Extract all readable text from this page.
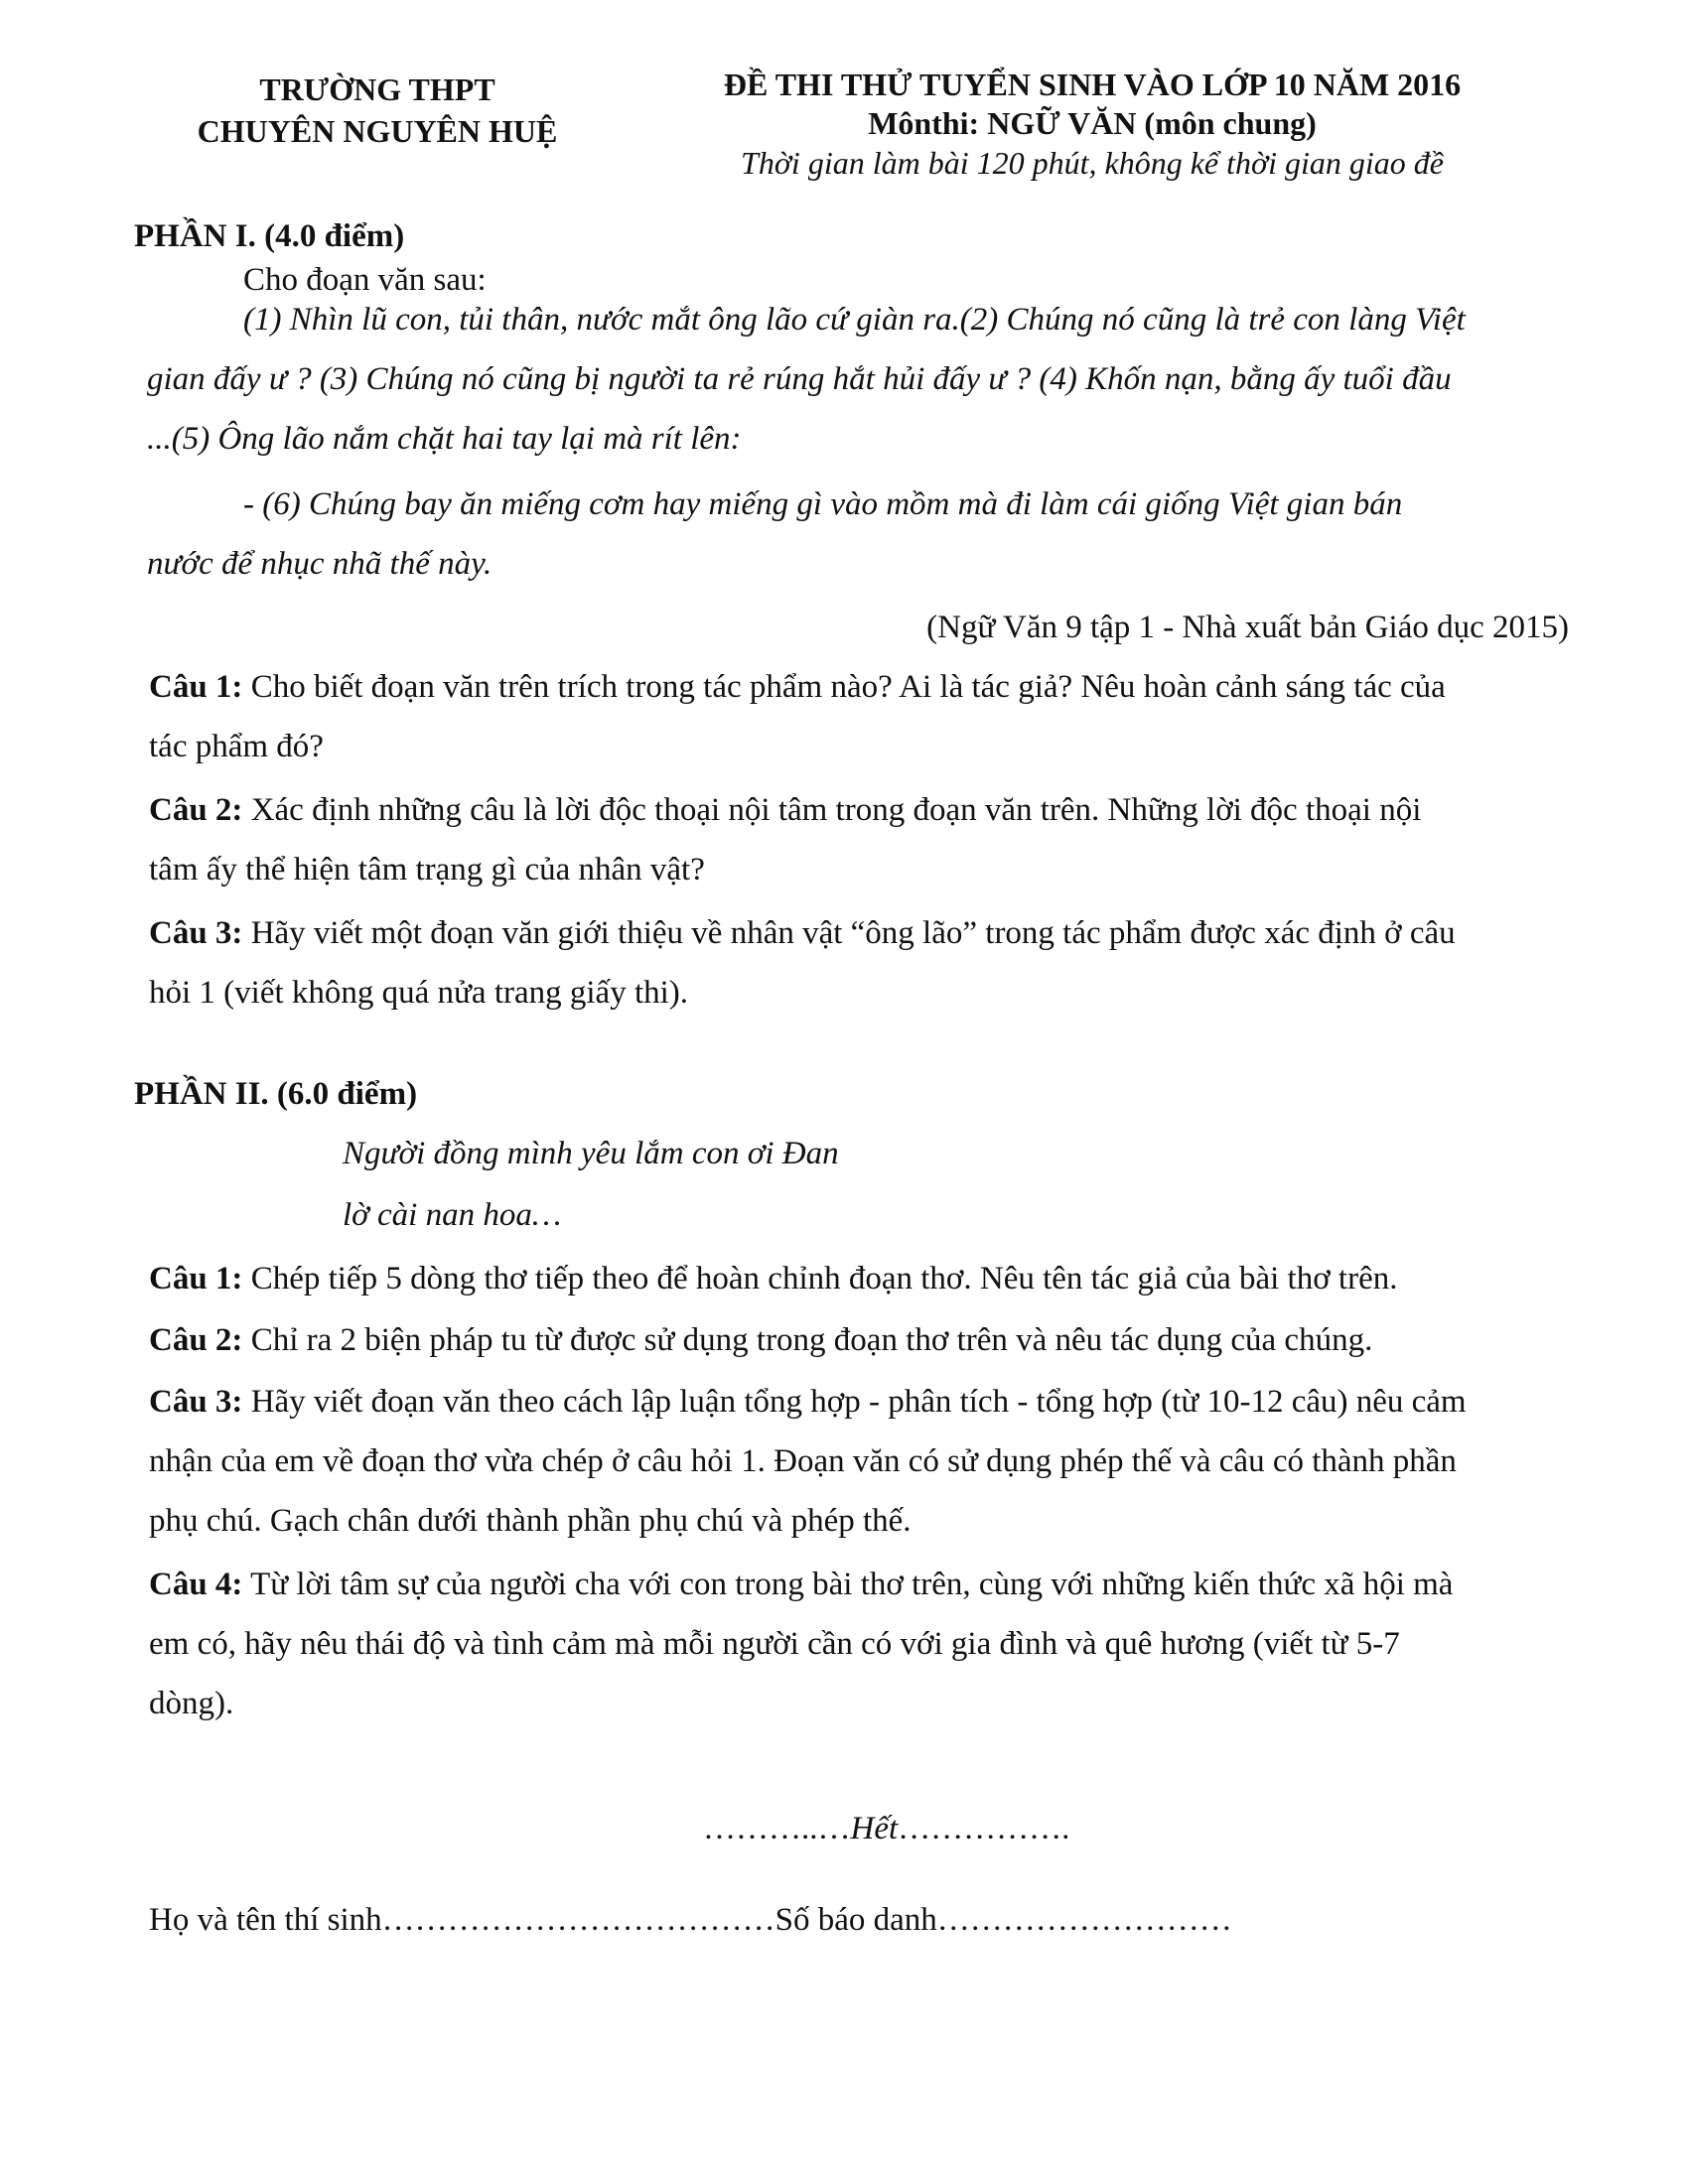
TRƯỜNG THPT
CHUYÊN NGUYÊN HUỆ
ĐỀ THI THỬ TUYỂN SINH VÀO LỚP 10 NĂM 2016
Mônthi: NGỮ VĂN (môn chung)
Thời gian làm bài 120 phút, không kể thời gian giao đề
PHẦN I. (4.0 điểm)
Cho đoạn văn sau:
(1) Nhìn lũ con, tủi thân, nước mắt ông lão cứ giàn ra.(2) Chúng nó cũng là trẻ con làng Việt
gian đấy ư ? (3) Chúng nó cũng bị người ta rẻ rúng hắt hủi đấy ư ? (4) Khốn nạn, bằng ấy tuổi đầu
...(5) Ông lão nắm chặt hai tay lại mà rít lên:
- (6) Chúng bay ăn miếng cơm hay miếng gì vào mồm mà đi làm cái giống Việt gian bán
nước để nhục nhã thế này.
(Ngữ Văn 9 tập 1 - Nhà xuất bản Giáo dục 2015)
Câu 1: Cho biết đoạn văn trên trích trong tác phẩm nào? Ai là tác giả? Nêu hoàn cảnh sáng tác của
tác phẩm đó?
Câu 2: Xác định những câu là lời độc thoại nội tâm trong đoạn văn trên. Những lời độc thoại nội
tâm ấy thể hiện tâm trạng gì của nhân vật?
Câu 3: Hãy viết một đoạn văn giới thiệu về nhân vật “ông lão” trong tác phẩm được xác định ở câu
hỏi 1 (viết không quá nửa trang giấy thi).
PHẦN II. (6.0 điểm)
Người đồng mình yêu lắm con ơi Đan
lờ cài nan hoa…
Câu 1: Chép tiếp 5 dòng thơ tiếp theo để hoàn chỉnh đoạn thơ. Nêu tên tác giả của bài thơ trên.
Câu 2: Chỉ ra 2 biện pháp tu từ được sử dụng trong đoạn thơ trên và nêu tác dụng của chúng.
Câu 3: Hãy viết đoạn văn theo cách lập luận tổng hợp - phân tích - tổng hợp (từ 10-12 câu) nêu cảm
nhận của em về đoạn thơ vừa chép ở câu hỏi 1. Đoạn văn có sử dụng phép thế và câu có thành phần
phụ chú. Gạch chân dưới thành phần phụ chú và phép thế.
Câu 4: Từ lời tâm sự của người cha với con trong bài thơ trên, cùng với những kiến thức xã hội mà
em có, hãy nêu thái độ và tình cảm mà mỗi người cần có với gia đình và quê hương (viết từ 5-7
dòng).
………..…Hết…………….
Họ và tên thí sinh………………………………Số báo danh………………………
